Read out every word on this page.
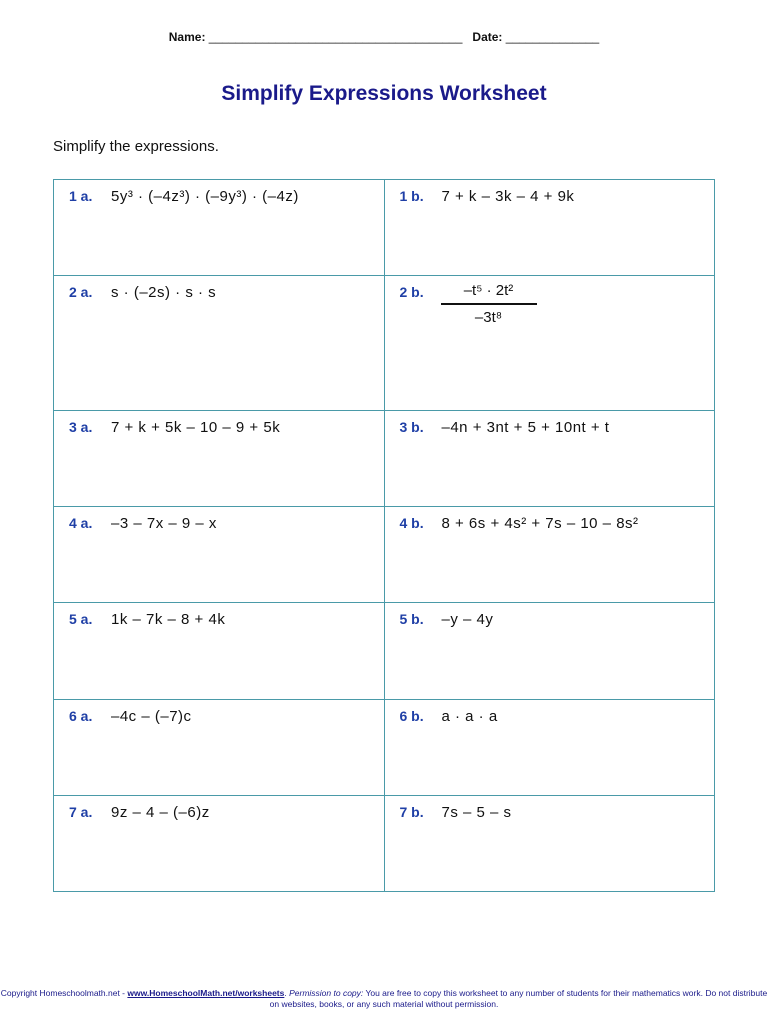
Name: ______________________________________ Date: ______________
Simplify Expressions Worksheet
Simplify the expressions.
1 a. 5y³ · (–4z³) · (–9y³) · (–4z)	1 b. 7 + k – 3k – 4 + 9k

2 a. s · (–2s) · s · s	2 b. –t⁵ · 2t²
–3t⁸

3 a. 7 + k + 5k – 10 – 9 + 5k	3 b. –4n + 3nt + 5 + 10nt + t

4 a. –3 – 7x – 9 – x	4 b. 8 + 6s + 4s² + 7s – 10 – 8s²

5 a. 1k – 7k – 8 + 4k	5 b. –y – 4y

6 a. –4c – (–7)c	6 b. a · a · a

7 a. 9z – 4 – (–6)z	7 b. 7s – 5 – s
Copyright Homeschoolmath.net - www.HomeschoolMath.net/worksheets. Permission to copy: You are free to copy this worksheet to any number of students for their mathematics work. Do not distribute on websites, books, or any such material without permission.
